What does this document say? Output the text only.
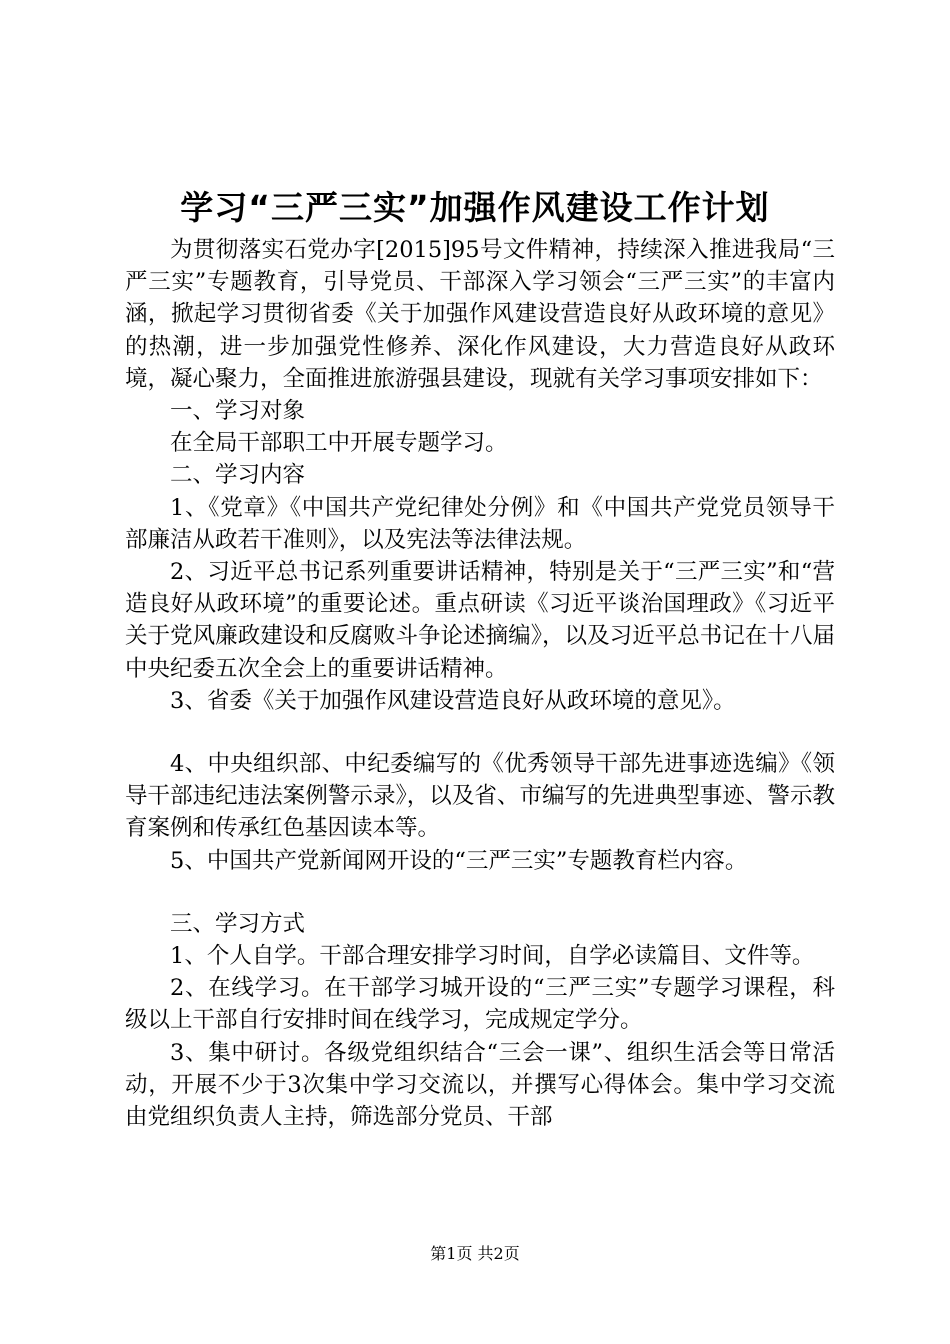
学习“三严三实”加强作风建设工作计划

为贯彻落实石党办字[2015]95号文件精神，持续深入推进我局“三严三实”专题教育，引导党员、干部深入学习领会“三严三实”的丰富内涵，掀起学习贯彻省委《关于加强作风建设营造良好从政环境的意见》的热潮，进一步加强党性修养、深化作风建设，大力营造良好从政环境，凝心聚力，全面推进旅游强县建设，现就有关学习事项安排如下：

一、学习对象

在全局干部职工中开展专题学习。

二、学习内容

1、《党章》《中国共产党纪律处分例》和《中国共产党党员领导干部廉洁从政若干准则》，以及宪法等法律法规。

2、习近平总书记系列重要讲话精神，特别是关于“三严三实”和“营造良好从政环境”的重要论述。重点研读《习近平谈治国理政》《习近平关于党风廉政建设和反腐败斗争论述摘编》，以及习近平总书记在十八届中央纪委五次全会上的重要讲话精神。

3、省委《关于加强作风建设营造良好从政环境的意见》。

4、中央组织部、中纪委编写的《优秀领导干部先进事迹选编》《领导干部违纪违法案例警示录》，以及省、市编写的先进典型事迹、警示教育案例和传承红色基因读本等。

5、中国共产党新闻网开设的“三严三实”专题教育栏内容。

三、学习方式

1、个人自学。干部合理安排学习时间，自学必读篇目、文件等。

2、在线学习。在干部学习城开设的“三严三实”专题学习课程，科级以上干部自行安排时间在线学习，完成规定学分。

3、集中研讨。各级党组织结合“三会一课”、组织生活会等日常活动，开展不少于3次集中学习交流以，并撰写心得体会。集中学习交流由党组织负责人主持，筛选部分党员、干部

第1页 共2页
